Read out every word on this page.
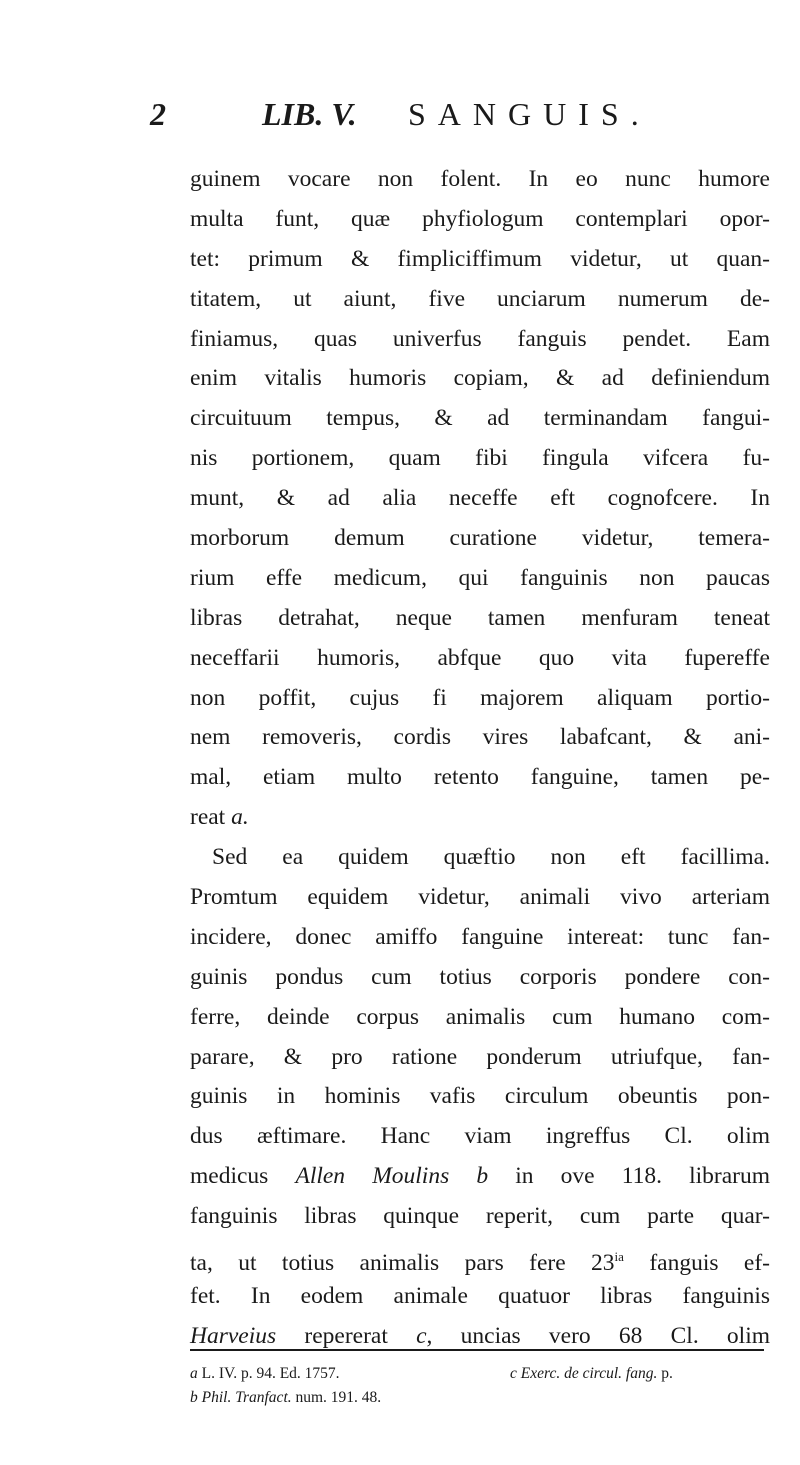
2	LIB. V. SANGUIS.
guinem vocare non folent. In eo nunc humore
multa funt, quæ phyfiologum contemplari opor-
tet: primum & fimpliciffimum videtur, ut quan-
titatem, ut aiunt, five unciarum numerum de-
finiamus, quas univerfus fanguis pendet. Eam
enim vitalis humoris copiam, & ad definiendum
circuituum tempus, & ad terminandam fangui-
nis portionem, quam fibi fingula vifcera fu-
munt, & ad alia neceffe eft cognofcere. In
morborum demum curatione videtur, temera-
rium effe medicum, qui fanguinis non paucas
libras detrahat, neque tamen menfuram teneat
neceffarii humoris, abfque quo vita fupereffe
non poffit, cujus fi majorem aliquam portio-
nem removeris, cordis vires labafcant, & ani-
mal, etiam multo retento fanguine, tamen pe-
reat a.
Sed ea quidem quæftio non eft facillima.
Promtum equidem videtur, animali vivo arteriam
incidere, donec amiffo fanguine intereat: tunc fan-
guinis pondus cum totius corporis pondere con-
ferre, deinde corpus animalis cum humano com-
parare, & pro ratione ponderum utriufque, fan-
guinis in hominis vafis circulum obeuntis pon-
dus æftimare. Hanc viam ingreffus Cl. olim
medicus Allen Moulins b in ove 118. librarum
fanguinis libras quinque reperit, cum parte quar-
ta, ut totius animalis pars fere $23^{ia}$ fanguis ef-
fet. In eodem animale quatuor libras fanguinis
Harveius repererat c, uncias vero 68 Cl. olim
a L. IV. p. 94. Ed. 1757.	c Exerc. de circul. fang. p.
b Phil. Tranfact. num. 191. 48.
